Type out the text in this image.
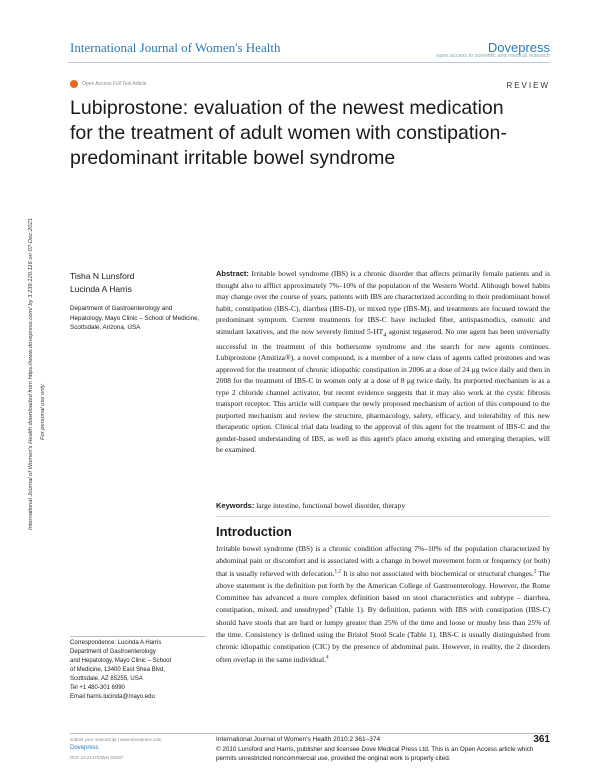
International Journal of Women's Health	Dovepress
open access to scientific and medical research
Open Access Full Text Article	REVIEW
Lubiprostone: evaluation of the newest medication for the treatment of adult women with constipation-predominant irritable bowel syndrome
International Journal of Women's Health downloaded from https://www.dovepress.com/ by 3.239.120.116 on 07-Dec-2021 For personal use only.
Tisha N Lunsford
Lucinda A Harris
Department of Gastroenterology and Hepatology, Mayo Clinic – School of Medicine, Scottsdale, Arizona, USA
Abstract: Irritable bowel syndrome (IBS) is a chronic disorder that affects primarily female patients and is thought also to afflict approximately 7%–10% of the population of the Western World. Although bowel habits may change over the course of years, patients with IBS are characterized according to their predominant bowel habit, constipation (IBS-C), diarrhea (IBS-D), or mixed type (IBS-M), and treatments are focused toward the predominant symptom. Current treatments for IBS-C have included fiber, antispasmodics, osmotic and stimulant laxatives, and the now severely limited $5-HT_4$ agonist tegaserod. No one agent has been universally successful in the treatment of this bothersome syndrome and the search for new agents continues. Lubiprostone (Amitiza®), a novel compound, is a member of a new class of agents called prostones and was approved for the treatment of chronic idiopathic constipation in 2006 at a dose of 24 μg twice daily and then in 2008 for the treatment of IBS-C in women only at a dose of 8 μg twice daily. Its purported mechanism is as a type 2 chloride channel activator, but recent evidence suggests that it may also work at the cystic fibrosis transport receptor. This article will compare the newly proposed mechanism of action of this compound to the purported mechanism and review the structure, pharmacology, safety, efficacy, and tolerability of this new therapeutic option. Clinical trial data leading to the approval of this agent for the treatment of IBS-C and the gender-based understanding of IBS, as well as this agent's place among existing and emerging therapies, will be examined.
Keywords: large intestine, functional bowel disorder, therapy
Introduction
Irritable bowel syndrome (IBS) is a chronic condition affecting 7%–10% of the population characterized by abdominal pain or discomfort and is associated with a change in bowel movement form or frequency (or both) that is usually relieved with defecation.$^{1,2}$ It is also not associated with biochemical or structural changes.$^2$ The above statement is the definition put forth by the American College of Gastroenterology. However, the Rome Committee has advanced a more complex definition based on stool characteristics and subtype – diarrhea, constipation, mixed, and unsubtyped$^3$ (Table 1). By definition, patients with IBS with constipation (IBS-C) should have stools that are hard or lumpy greater than 25% of the time and loose or mushy less than 25% of the time. Consistency is defined using the Bristol Stool Scale (Table 1). IBS-C is usually distinguished from chronic idiopathic constipation (CIC) by the presence of abdominal pain. However, in reality, the 2 disorders often overlap in the same individual.$^4$
Correspondence: Lucinda A Harris
Department of Gastroenterology
and Hepatology, Mayo Clinic – School
of Medicine, 13400 East Shea Blvd,
Scottsdale, AZ 85255, USA
Tel +1 480-301 6990
Email harris.lucinda@mayo.edu
submit your manuscript | www.dovepress.com
Dovepress
DOI: 10.2147/IJWH.S6437
International Journal of Women's Health 2010:2 361–374	361
© 2010 Lunsford and Harris, publisher and licensee Dove Medical Press Ltd. This is an Open Access article which permits unrestricted noncommercial use, provided the original work is properly cited.
